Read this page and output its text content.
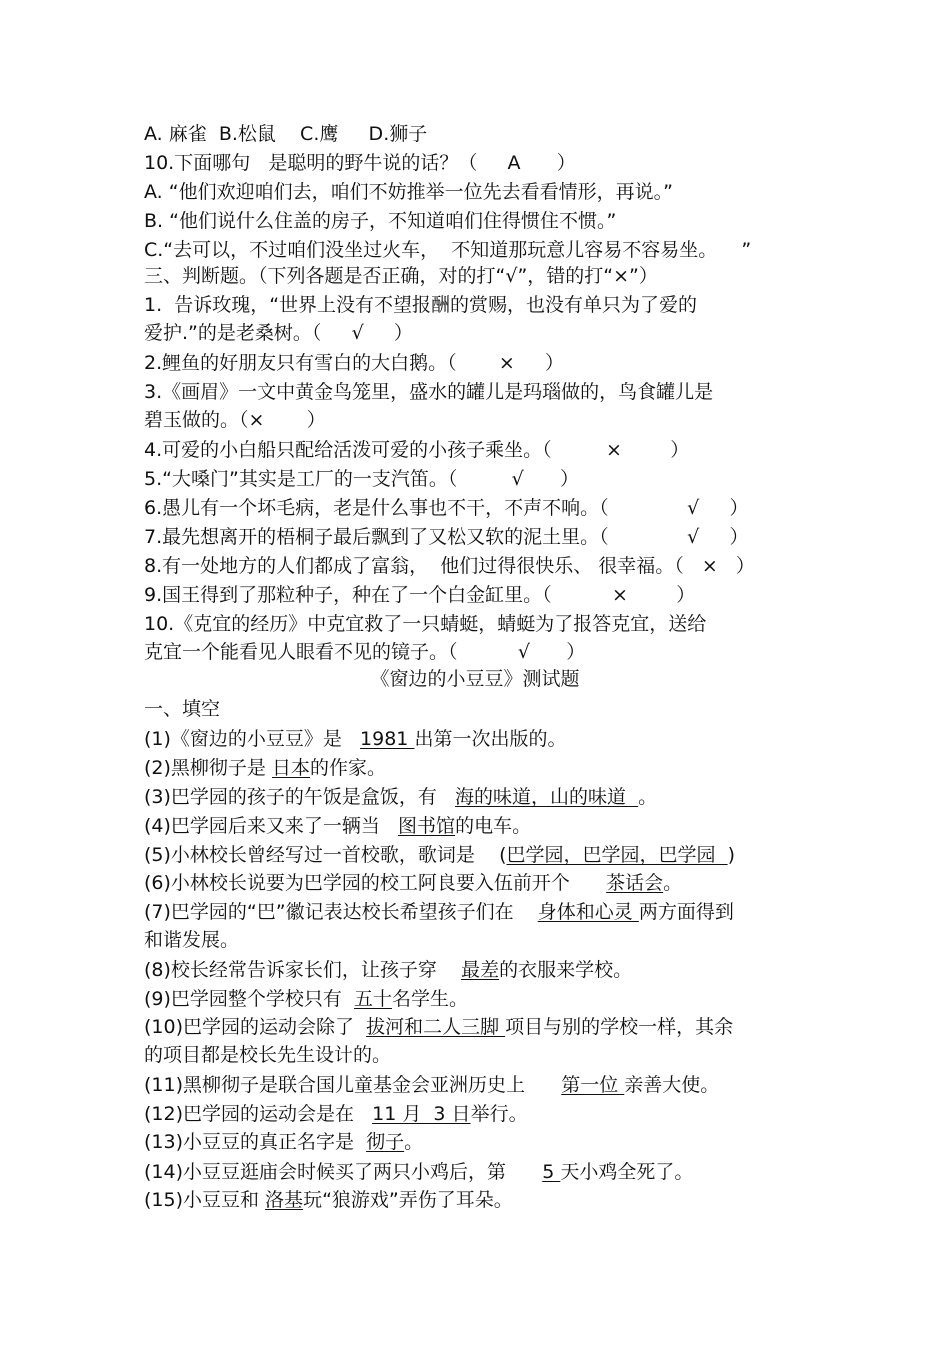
A. 麻雀  B.松鼠    C.鹰     D.狮子
10.下面哪句   是聪明的野牛说的话？（     A      ）
A. “他们欢迎咱们去，咱们不妨推举一位先去看看情形，再说。”
B. “他们说什么住盖的房子，不知道咱们住得惯住不惯。”
C.“去可以，不过咱们没坐过火车，  不知道那玩意儿容易不容易坐。    ”
三、判断题。（下列各题是否正确，对的打“√”，错的打“×”）
1.  告诉玫瑰，“世界上没有不望报酬的赏赐，也没有单只为了爱的
爱护.”的是老桑树。（     √     ）
2.鲤鱼的好朋友只有雪白的大白鹅。（       ×     ）
3.《画眉》一文中黄金鸟笼里，盛水的罐儿是玛瑙做的，鸟食罐儿是
碧玉做的。（×       ）
4.可爱的小白船只配给活泼可爱的小孩子乘坐。（         ×        ）
5.“大嗓门”其实是工厂的一支汽笛。（         √      ）
6.愚儿有一个坏毛病，老是什么事也不干，不声不响。（             √     ）
7.最先想离开的梧桐子最后飘到了又松又软的泥土里。（             √     ）
8.有一处地方的人们都成了富翁，  他们过得很快乐、 很幸福。（   ×   ）
9.国王得到了那粒种子，种在了一个白金缸里。（          ×        ）
10.《克宜的经历》中克宜救了一只蜻蜓，蜻蜓为了报答克宜，送给
克宜一个能看见人眼看不见的镜子。（          √      ）
《窗边的小豆豆》测试题
一、填空
(1)《窗边的小豆豆》是   1981 出第一次出版的。
(2)黑柳彻子是 日本的作家。
(3)巴学园的孩子的午饭是盒饭，有   海的味道，山的味道  。
(4)巴学园后来又来了一辆当   图书馆的电车。
(5)小林校长曾经写过一首校歌，歌词是    (巴学园，巴学园，巴学园  )
(6)小林校长说要为巴学园的校工阿良要入伍前开个      茶话会。
(7)巴学园的“巴”徽记表达校长希望孩子们在    身体和心灵 两方面得到
和谐发展。
(8)校长经常告诉家长们，让孩子穿    最差的衣服来学校。
(9)巴学园整个学校只有  五十名学生。
(10)巴学园的运动会除了  拔河和二人三脚 项目与别的学校一样，其余
的项目都是校长先生设计的。
(11)黑柳彻子是联合国儿童基金会亚洲历史上      第一位 亲善大使。
(12)巴学园的运动会是在   11 月  3 日举行。
(13)小豆豆的真正名字是  彻子。
(14)小豆豆逛庙会时候买了两只小鸡后，第      5 天小鸡全死了。
(15)小豆豆和 洛基玩“狼游戏”弄伤了耳朵。
